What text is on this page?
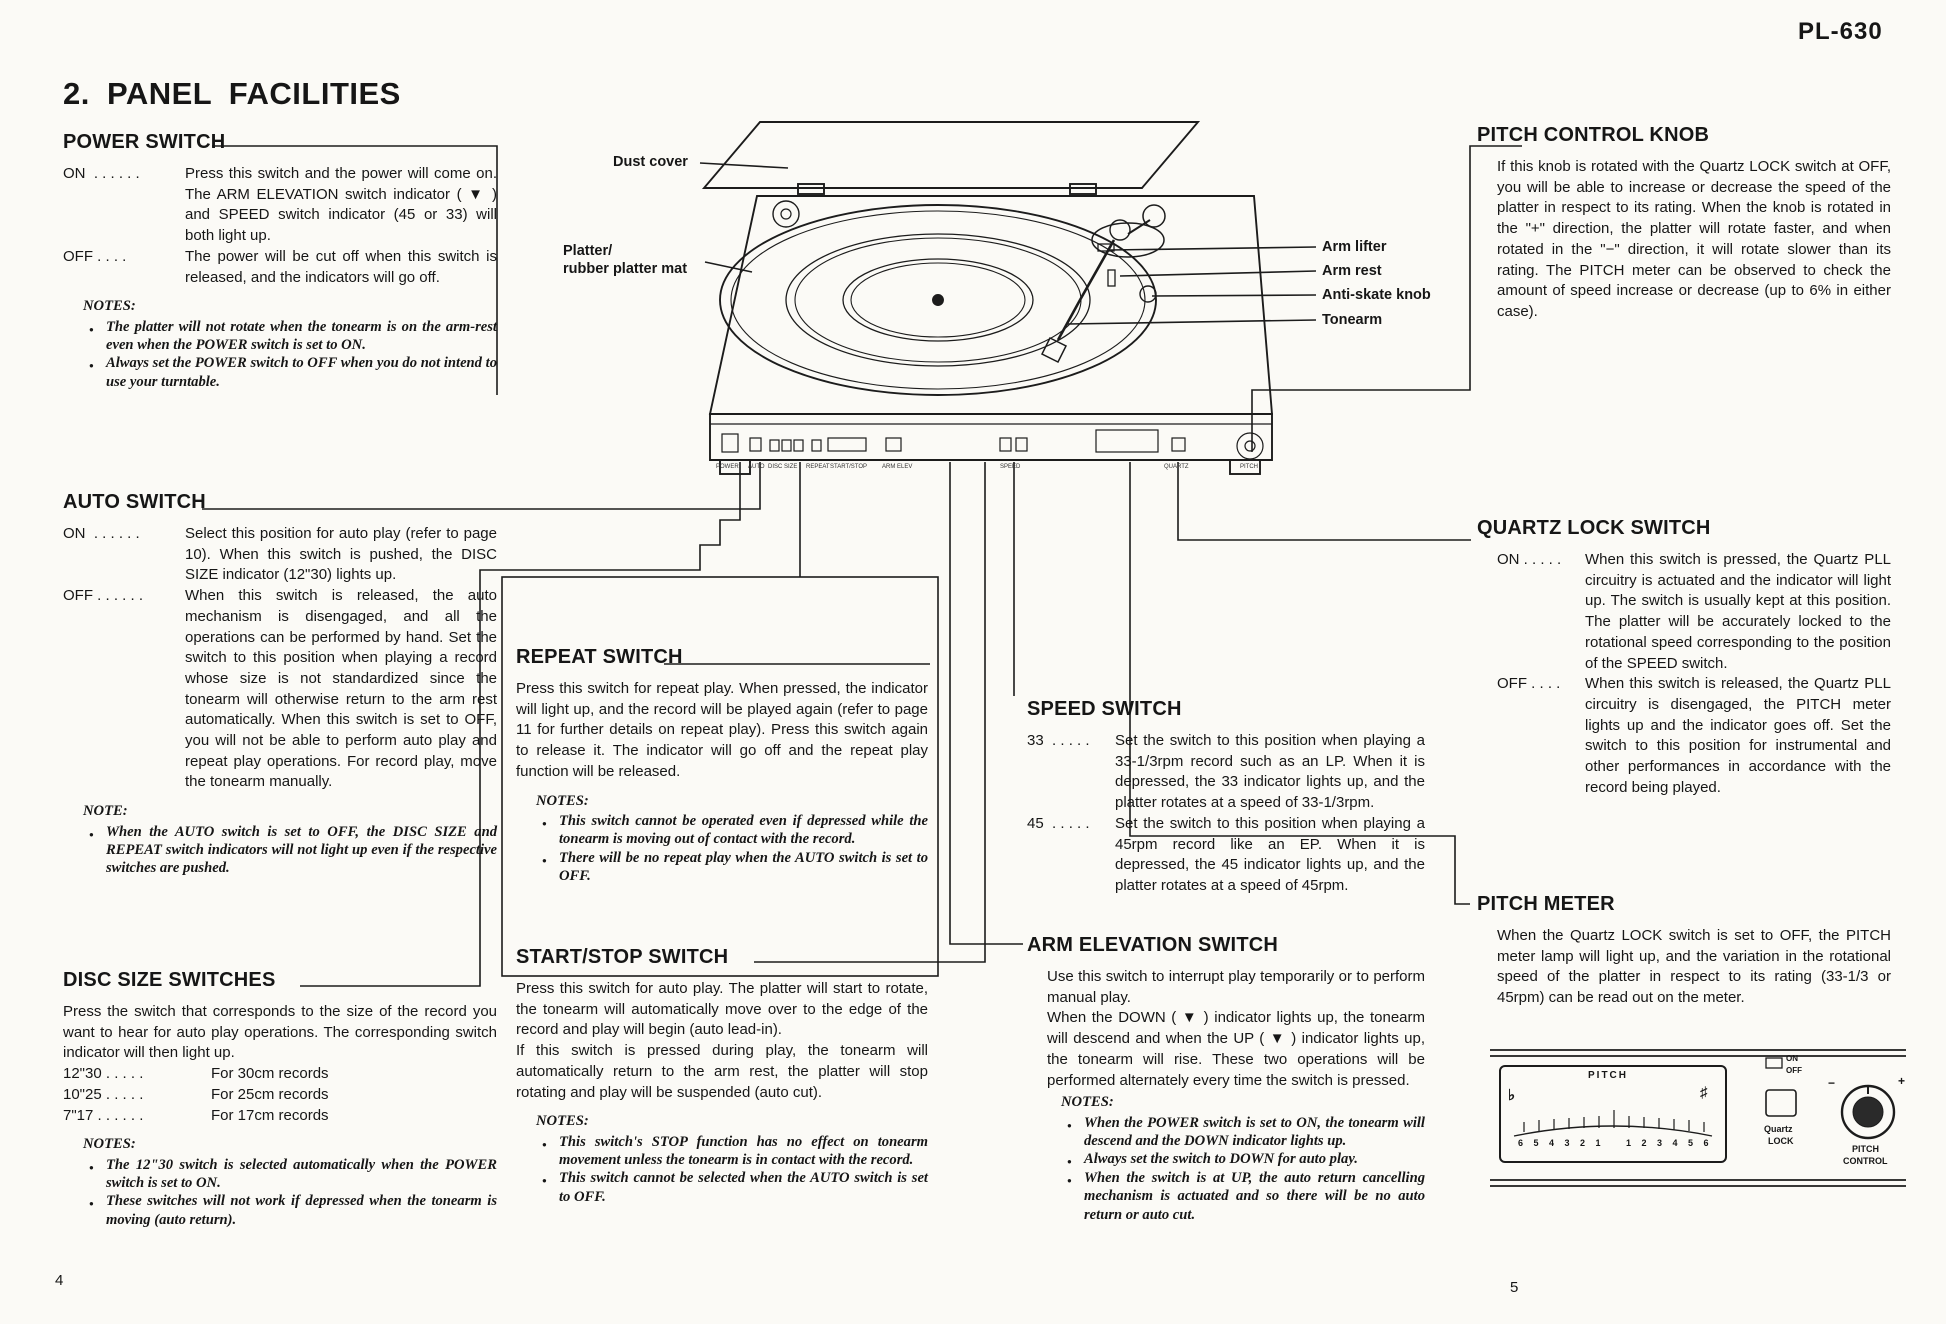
PL-630
2. PANEL FACILITIES
POWER SWITCH
ON  . . . . . .	Press this switch and the power will come on. The ARM ELEVATION switch indicator ( ▼ ) and SPEED switch indicator (45 or 33) will both light up.
OFF . . . .	The power will be cut off when this switch is released, and the indicators will go off.
NOTES:
● The platter will not rotate when the tonearm is on the arm-rest even when the POWER switch is set to ON.
● Always set the POWER switch to OFF when you do not intend to use your turntable.
AUTO SWITCH
ON  . . . . . .	Select this position for auto play (refer to page 10). When this switch is pushed, the DISC SIZE indicator (12"30) lights up.
OFF . . . . . .	When this switch is released, the auto mechanism is disengaged, and all the operations can be performed by hand. Set the switch to this position when playing a record whose size is not standardized since the tonearm will otherwise return to the arm rest automatically. When this switch is set to OFF, you will not be able to perform auto play and repeat play operations. For record play, move the tonearm manually.
NOTE:
● When the AUTO switch is set to OFF, the DISC SIZE and REPEAT switch indicators will not light up even if the respective switches are pushed.
DISC SIZE SWITCHES
Press the switch that corresponds to the size of the record you want to hear for auto play operations. The corresponding switch indicator will then light up.
12"30 . . . . .	For 30cm records
10"25 . . . . .	For 25cm records
7"17 . . . . . .	For 17cm records
NOTES:
● The 12"30 switch is selected automatically when the POWER switch is set to ON.
● These switches will not work if depressed when the tonearm is moving (auto return).
REPEAT SWITCH
Press this switch for repeat play. When pressed, the indicator will light up, and the record will be played again (refer to page 11 for further details on repeat play). Press this switch again to release it. The indicator will go off and the repeat play function will be released.
NOTES:
● This switch cannot be operated even if depressed while the tonearm is moving out of contact with the record.
● There will be no repeat play when the AUTO switch is set to OFF.
START/STOP SWITCH

Press this switch for auto play. The platter will start to rotate, the tonearm will automatically move over to the edge of the record and play will begin (auto lead-in).

If this switch is pressed during play, the tonearm will automatically return to the arm rest, the platter will stop rotating and play will be suspended (auto cut).

NOTES:
● This switch's STOP function has no effect on tonearm movement unless the tonearm is in contact with the record.
● This switch cannot be selected when the AUTO switch is set to OFF.
SPEED SWITCH
33  . . . . .	Set the switch to this position when playing a 33-1/3rpm record such as an LP. When it is depressed, the 33 indicator lights up, and the platter rotates at a speed of 33-1/3rpm.
45  . . . . .	Set the switch to this position when playing a 45rpm record like an EP. When it is depressed, the 45 indicator lights up, and the platter rotates at a speed of 45rpm.
ARM ELEVATION SWITCH

Use this switch to interrupt play temporarily or to perform manual play.

When the DOWN ( ▼ ) indicator lights up, the tonearm will descend and when the UP ( ▼ ) indicator lights up, the tonearm will rise. These two operations will be performed alternately every time the switch is pressed.

NOTES:
● When the POWER switch is set to ON, the tonearm will descend and the DOWN indicator lights up.
● Always set the switch to DOWN for auto play.
● When the switch is at UP, the auto return cancelling mechanism is actuated and so there will be no auto return or auto cut.
PITCH CONTROL KNOB
If this knob is rotated with the Quartz LOCK switch at OFF, you will be able to increase or decrease the speed of the platter in respect to its rating. When the knob is rotated in the "+" direction, the platter will rotate faster, and when rotated in the "−" direction, it will rotate slower than its rating. The PITCH meter can be observed to check the amount of speed increase or decrease (up to 6% in either case).
QUARTZ LOCK SWITCH
ON . . . . .	When this switch is pressed, the Quartz PLL circuitry is actuated and the indicator will light up. The switch is usually kept at this position. The platter will be accurately locked to the rotational speed corresponding to the position of the SPEED switch.
OFF . . . .	When this switch is released, the Quartz PLL circuitry is disengaged, the PITCH meter lights up and the indicator goes off. Set the switch to this position for instrumental and other performances in accordance with the record being played.
PITCH METER
When the Quartz LOCK switch is set to OFF, the PITCH meter lamp will light up, and the variation in the rotational speed of the platter in respect to its rating (33-1/3 or 45rpm) can be read out on the meter.
Dust cover
Platter/
rubber platter mat
Arm lifter
Arm rest
Anti-skate knob
Tonearm
POWER AUTO DISC SIZE REPEAT START/STOP ARM ELEV	SPEED	QUARTZ	PITCH
PITCH
♭	♯
6 5 4 3 2 1 1 2 3 4 5 6
ON
OFF
−	+
Quartz
LOCK
PITCH
CONTROL
4	5
